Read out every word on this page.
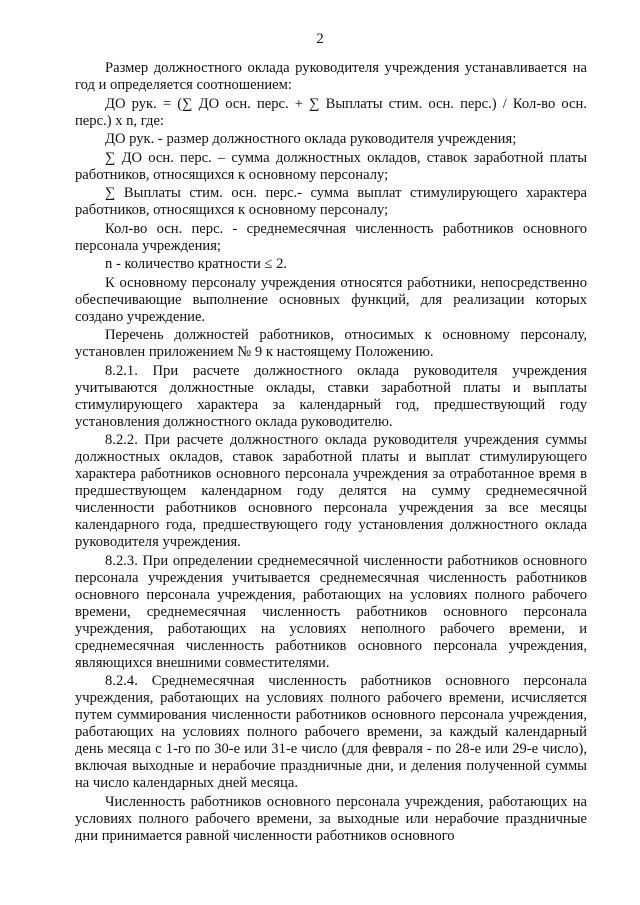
2

Размер должностного оклада руководителя учреждения устанавливается на год и определяется соотношением:

ДО рук. = (∑ ДО осн. перс. + ∑ Выплаты стим. осн. перс.) / Кол-во осн. перс.) х n, где:

ДО рук. - размер должностного оклада руководителя учреждения;

∑ ДО осн. перс. – сумма должностных окладов, ставок заработной платы работников, относящихся к основному персоналу;

∑ Выплаты стим. осн. перс.- сумма выплат стимулирующего характера работников, относящихся к основному персоналу;

Кол-во осн. перс. - среднемесячная численность работников основного персонала учреждения;

n - количество кратности ≤ 2.

К основному персоналу учреждения относятся работники, непосредственно обеспечивающие выполнение основных функций, для реализации которых создано учреждение.

Перечень должностей работников, относимых к основному персоналу, установлен приложением № 9 к настоящему Положению.

8.2.1. При расчете должностного оклада руководителя учреждения учитываются должностные оклады, ставки заработной платы и выплаты стимулирующего характера за календарный год, предшествующий году установления должностного оклада руководителю.

8.2.2. При расчете должностного оклада руководителя учреждения суммы должностных окладов, ставок заработной платы и выплат стимулирующего характера работников основного персонала учреждения за отработанное время в предшествующем календарном году делятся на сумму среднемесячной численности работников основного персонала учреждения за все месяцы календарного года, предшествующего году установления должностного оклада руководителя учреждения.

8.2.3. При определении среднемесячной численности работников основного персонала учреждения учитывается среднемесячная численность работников основного персонала учреждения, работающих на условиях полного рабочего времени, среднемесячная численность работников основного персонала учреждения, работающих на условиях неполного рабочего времени, и среднемесячная численность работников основного персонала учреждения, являющихся внешними совместителями.

8.2.4. Среднемесячная численность работников основного персонала учреждения, работающих на условиях полного рабочего времени, исчисляется путем суммирования численности работников основного персонала учреждения, работающих на условиях полного рабочего времени, за каждый календарный день месяца с 1-го по 30-е или 31-е число (для февраля - по 28-е или 29-е число), включая выходные и нерабочие праздничные дни, и деления полученной суммы на число календарных дней месяца.

Численность работников основного персонала учреждения, работающих на условиях полного рабочего времени, за выходные или нерабочие праздничные дни принимается равной численности работников основного
